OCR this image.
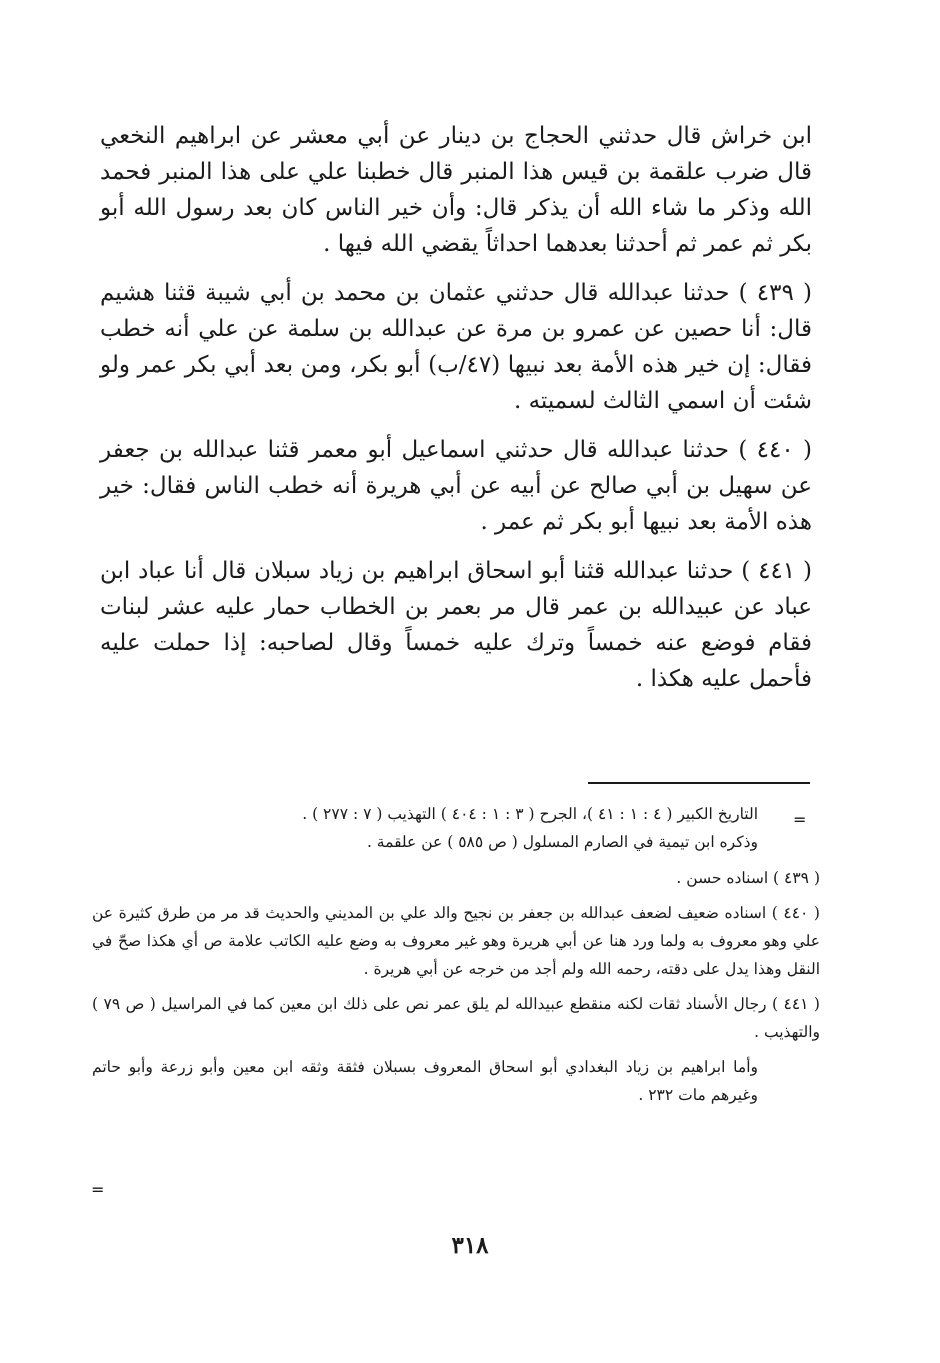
ابن خراش قال حدثني الحجاج بن دينار عن أبي معشر عن ابراهيم النخعي قال ضرب علقمة بن قيس هذا المنبر قال خطبنا علي على هذا المنبر فحمد الله وذكر ما شاء الله أن يذكر قال: وأن خير الناس كان بعد رسول الله أبو بكر ثم عمر ثم أحدثنا بعدهما احداثاً يقضي الله فيها .

( ٤٣٩ ) حدثنا عبدالله قال حدثني عثمان بن محمد بن أبي شيبة قثنا هشيم قال: أنا حصين عن عمرو بن مرة عن عبدالله بن سلمة عن علي أنه خطب فقال: إن خير هذه الأمة بعد نبيها (٤٧/ب) أبو بكر، ومن بعد أبي بكر عمر ولو شئت أن اسمي الثالث لسميته .

( ٤٤٠ ) حدثنا عبدالله قال حدثني اسماعيل أبو معمر قثنا عبدالله بن جعفر عن سهيل بن أبي صالح عن أبيه عن أبي هريرة أنه خطب الناس فقال: خير هذه الأمة بعد نبيها أبو بكر ثم عمر .

( ٤٤١ ) حدثنا عبدالله قثنا أبو اسحاق ابراهيم بن زياد سبلان قال أنا عباد ابن عباد عن عبيدالله بن عمر قال مر بعمر بن الخطاب حمار عليه عشر لبنات فقام فوضع عنه خمساً وترك عليه خمساً وقال لصاحبه: إذا حملت عليه فأحمل عليه هكذا .

=

التاريخ الكبير ( ٤ : ١ : ٤١ )، الجرح ( ٣ : ١ : ٤٠٤ ) التهذيب ( ٧ : ٢٧٧ ) .

وذكره ابن تيمية في الصارم المسلول ( ص ٥٨٥ ) عن علقمة .

( ٤٣٩ ) اسناده حسن .

( ٤٤٠ ) اسناده ضعيف لضعف عبدالله بن جعفر بن نجيح والد علي بن المديني والحديث قد مر من طرق كثيرة عن علي وهو معروف به ولما ورد هنا عن أبي هريرة وهو غير معروف به وضع عليه الكاتب علامة ص أي هكذا صحّ في النقل وهذا يدل على دقته، رحمه الله ولم أجد من خرجه عن أبي هريرة .

( ٤٤١ ) رجال الأسناد ثقات لكنه منقطع عبيدالله لم يلق عمر نص على ذلك ابن معين كما في المراسيل ( ص ٧٩ ) والتهذيب .

وأما ابراهيم بن زياد البغدادي أبو اسحاق المعروف بسبلان فثقة وثقه ابن معين وأبو زرعة وأبو حاتم وغيرهم مات ٢٣٢ .

=
٣١٨
